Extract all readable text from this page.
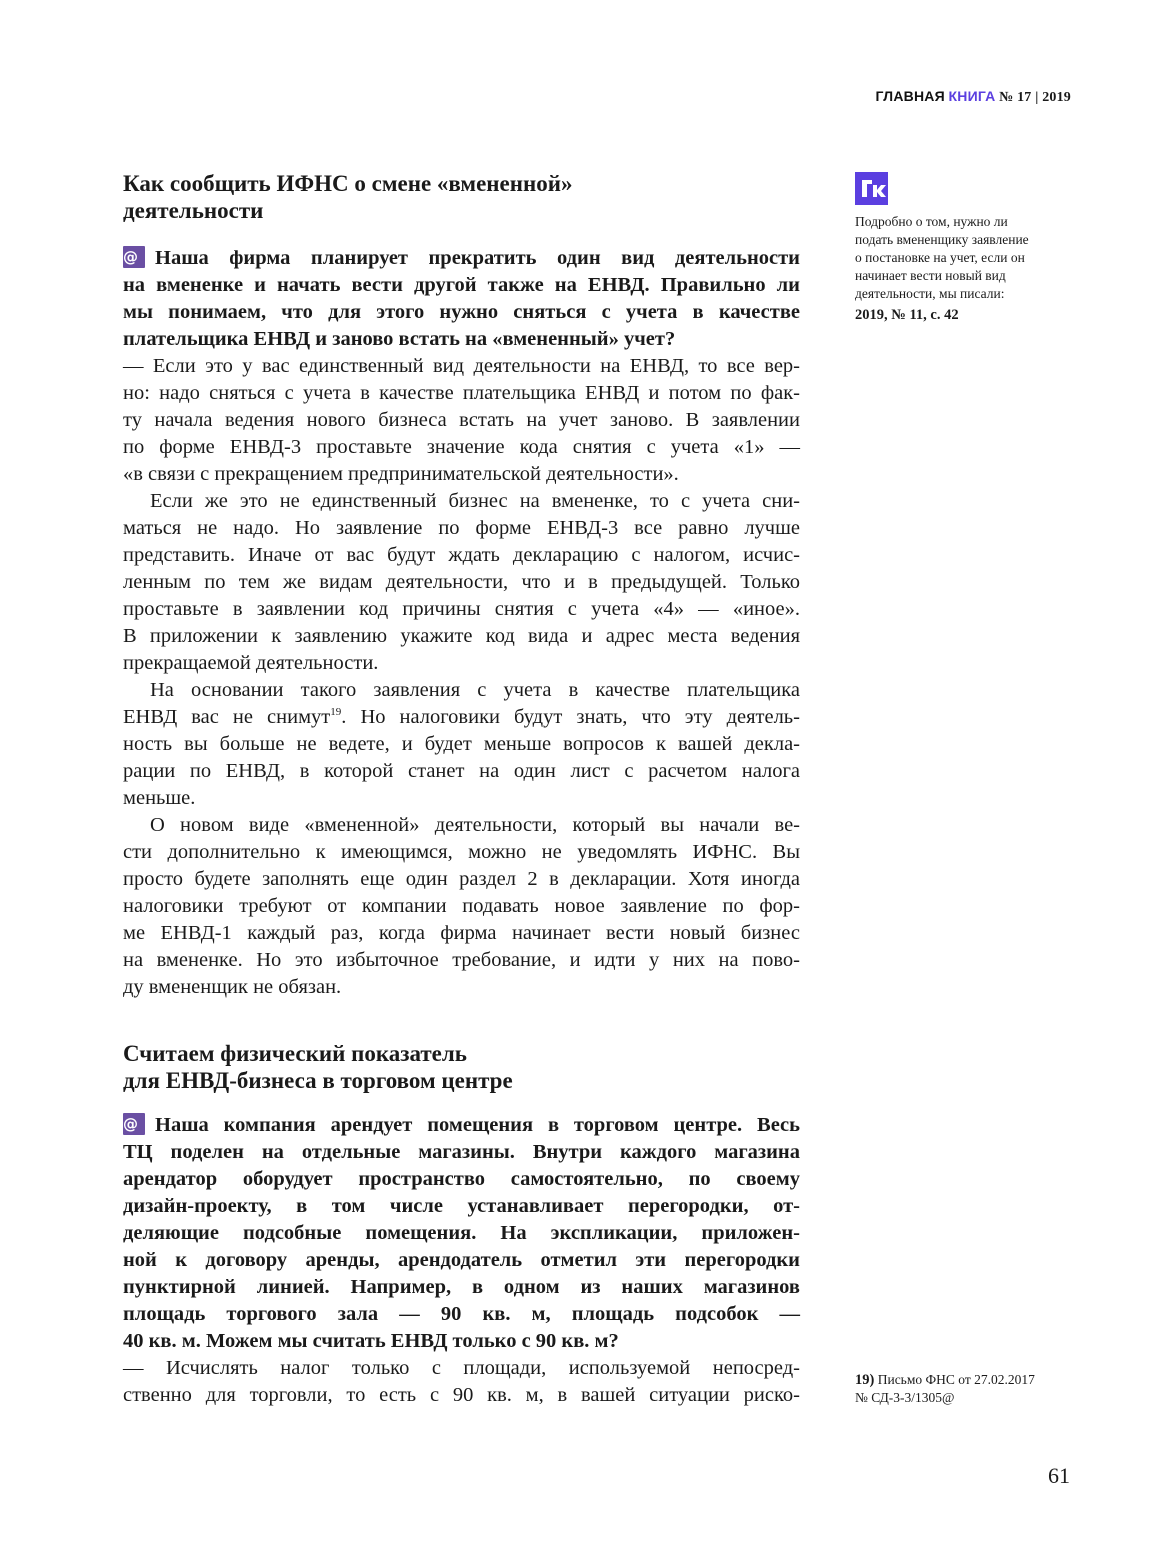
ГЛАВНАЯ КНИГА № 17 | 2019
Как сообщить ИФНС о смене «вмененной»
деятельности
@ Наша фирма планирует прекратить один вид деятельности
на вмененке и начать вести другой также на ЕНВД. Правильно ли
мы понимаем, что для этого нужно сняться с учета в качестве
плательщика ЕНВД и заново встать на «вмененный» учет?
— Если это у вас единственный вид деятельности на ЕНВД, то все вер-
но: надо сняться с учета в качестве плательщика ЕНВД и потом по фак-
ту начала ведения нового бизнеса встать на учет заново. В заявлении
по форме ЕНВД-3 проставьте значение кода снятия с учета «1» —
«в связи с прекращением предпринимательской деятельности».
Если же это не единственный бизнес на вмененке, то с учета сни-
маться не надо. Но заявление по форме ЕНВД-3 все равно лучше
представить. Иначе от вас будут ждать декларацию с налогом, исчис-
ленным по тем же видам деятельности, что и в предыдущей. Только
проставьте в заявлении код причины снятия с учета «4» — «иное».
В приложении к заявлению укажите код вида и адрес места ведения
прекращаемой деятельности.
На основании такого заявления с учета в качестве плательщика
ЕНВД вас не снимут$^{19}$. Но налоговики будут знать, что эту деятель-
ность вы больше не ведете, и будет меньше вопросов к вашей декла-
рации по ЕНВД, в которой станет на один лист с расчетом налога
меньше.
О новом виде «вмененной» деятельности, который вы начали ве-
сти дополнительно к имеющимся, можно не уведомлять ИФНС. Вы
просто будете заполнять еще один раздел 2 в декларации. Хотя иногда
налоговики требуют от компании подавать новое заявление по фор-
ме ЕНВД-1 каждый раз, когда фирма начинает вести новый бизнес
на вмененке. Но это избыточное требование, и идти у них на пово-
ду вмененщик не обязан.
Считаем физический показатель
для ЕНВД-бизнеса в торговом центре
@ Наша компания арендует помещения в торговом центре. Весь
ТЦ поделен на отдельные магазины. Внутри каждого магазина
арендатор оборудует пространство самостоятельно, по своему
дизайн-проекту, в том числе устанавливает перегородки, от-
деляющие подсобные помещения. На экспликации, приложен-
ной к договору аренды, арендодатель отметил эти перегородки
пунктирной линией. Например, в одном из наших магазинов
площадь торгового зала — 90 кв. м, площадь подсобок —
40 кв. м. Можем мы считать ЕНВД только с 90 кв. м?
— Исчислять налог только с площади, используемой непосред-
ственно для торговли, то есть с 90 кв. м, в вашей ситуации риско-
Подробно о том, нужно ли
подать вмененщику заявление
о постановке на учет, если он
начинает вести новый вид
деятельности, мы писали:
2019, № 11, с. 42
19) Письмо ФНС от 27.02.2017
№ СД-3-3/1305@
61
